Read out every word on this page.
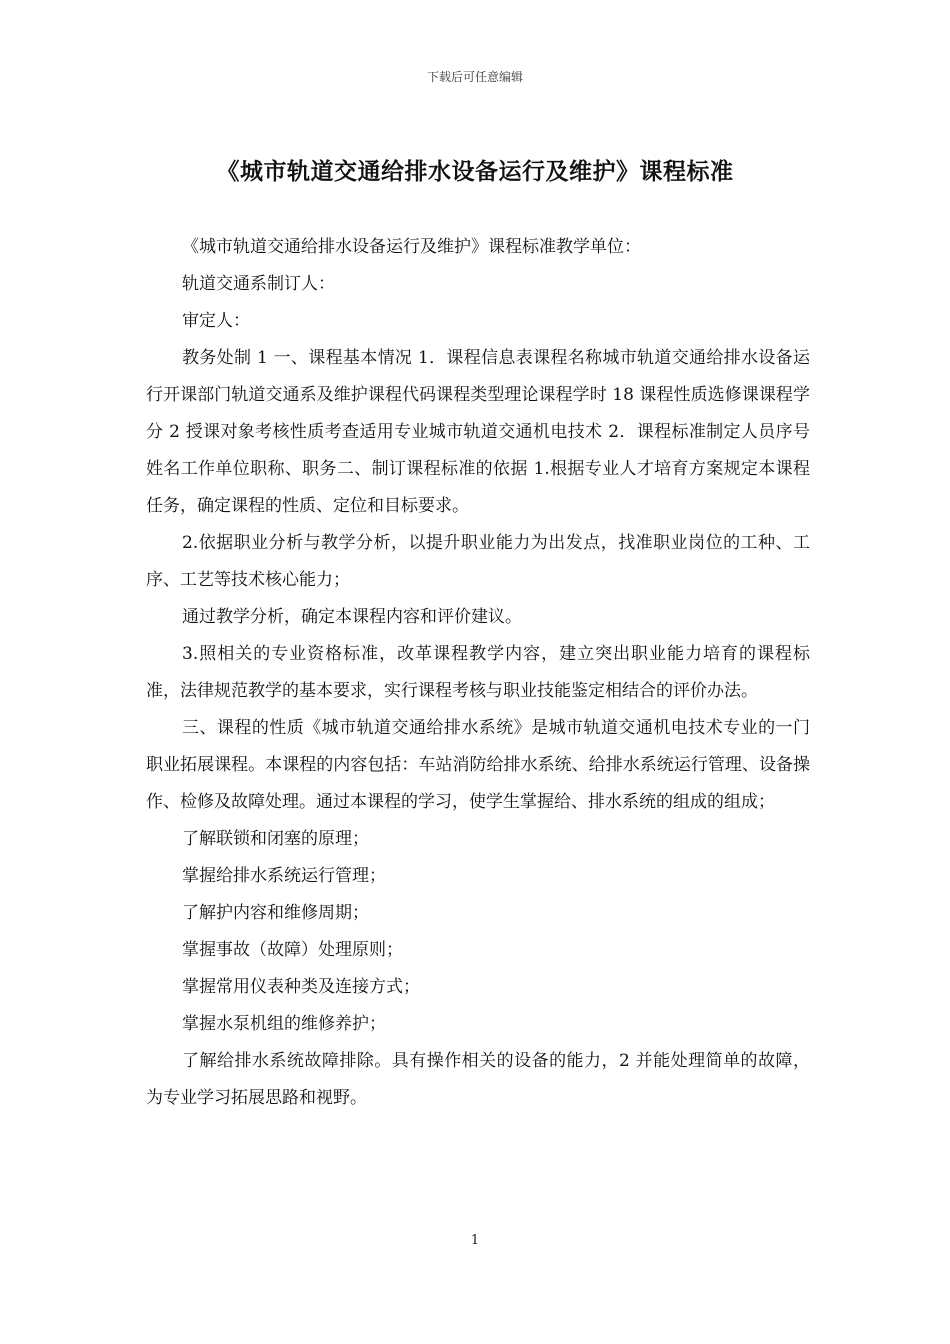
下载后可任意编辑
《城市轨道交通给排水设备运行及维护》课程标准

《城市轨道交通给排水设备运行及维护》课程标准教学单位：

轨道交通系制订人：

审定人：

教务处制 1 一、课程基本情况 1．课程信息表课程名称城市轨道交通给排水设备运行开课部门轨道交通系及维护课程代码课程类型理论课程学时 18 课程性质选修课课程学分 2 授课对象考核性质考查适用专业城市轨道交通机电技术 2．课程标准制定人员序号姓名工作单位职称、职务二、制订课程标准的依据 1.根据专业人才培育方案规定本课程任务，确定课程的性质、定位和目标要求。

2.依据职业分析与教学分析，以提升职业能力为出发点，找准职业岗位的工种、工序、工艺等技术核心能力；

通过教学分析，确定本课程内容和评价建议。

3.照相关的专业资格标准，改革课程教学内容，建立突出职业能力培育的课程标准，法律规范教学的基本要求，实行课程考核与职业技能鉴定相结合的评价办法。

三、课程的性质《城市轨道交通给排水系统》是城市轨道交通机电技术专业的一门职业拓展课程。本课程的内容包括：车站消防给排水系统、给排水系统运行管理、设备操作、检修及故障处理。通过本课程的学习，使学生掌握给、排水系统的组成的组成；

了解联锁和闭塞的原理；

掌握给排水系统运行管理；

了解护内容和维修周期；

掌握事故（故障）处理原则；

掌握常用仪表种类及连接方式；

掌握水泵机组的维修养护；

了解给排水系统故障排除。具有操作相关的设备的能力，2 并能处理简单的故障，为专业学习拓展思路和视野。

1
